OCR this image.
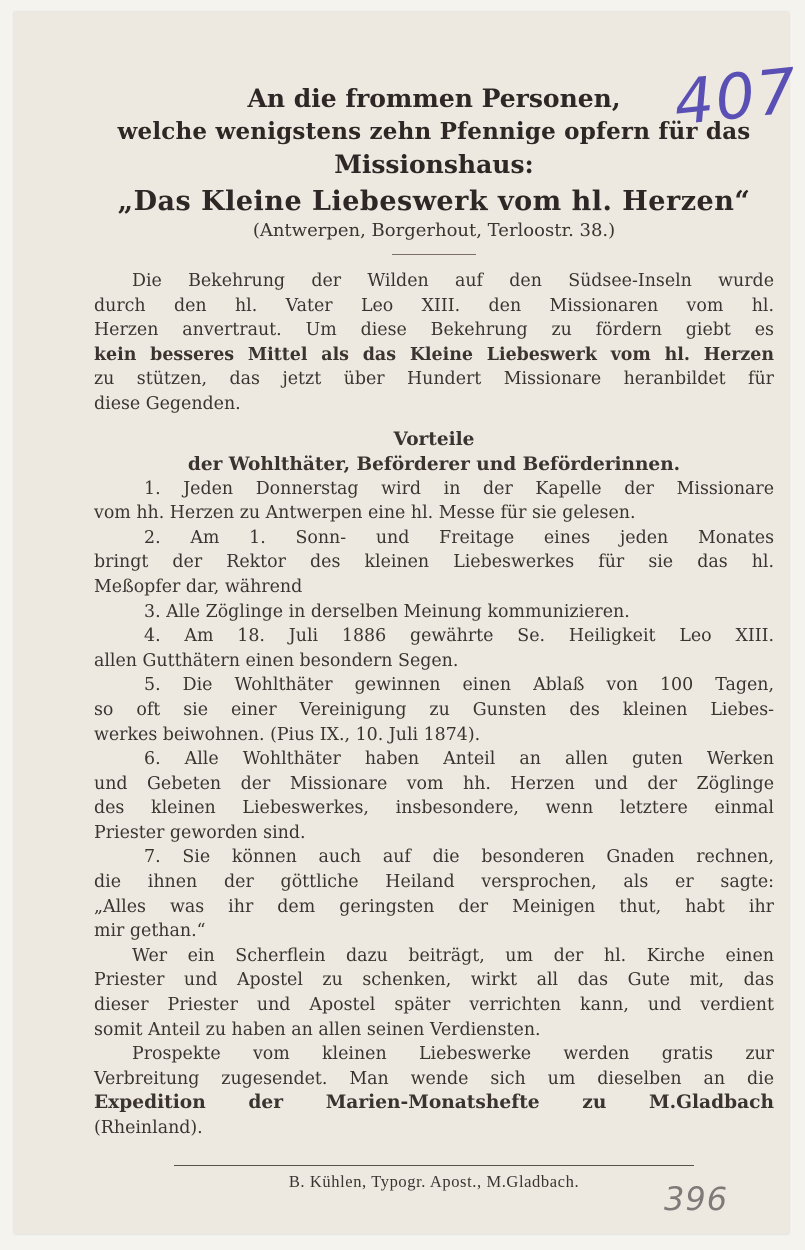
407
An die frommen Personen,
welche wenigstens zehn Pfennige opfern für das
Missionshaus:
„Das Kleine Liebeswerk vom hl. Herzen“
(Antwerpen, Borgerhout, Terloostr. 38.)
Die Bekehrung der Wilden auf den Südsee-Inseln wurde
durch den hl. Vater Leo XIII. den Missionaren vom hl.
Herzen anvertraut. Um diese Bekehrung zu fördern giebt es
kein besseres Mittel als das Kleine Liebeswerk vom hl. Herzen
zu stützen, das jetzt über Hundert Missionare heranbildet für
diese Gegenden.
Vorteile
der Wohlthäter, Beförderer und Beförderinnen.
1. Jeden Donnerstag wird in der Kapelle der Missionare
vom hh. Herzen zu Antwerpen eine hl. Messe für sie gelesen.
2. Am 1. Sonn- und Freitage eines jeden Monates
bringt der Rektor des kleinen Liebeswerkes für sie das hl.
Meßopfer dar, während
3. Alle Zöglinge in derselben Meinung kommunizieren.
4. Am 18. Juli 1886 gewährte Se. Heiligkeit Leo XIII.
allen Gutthätern einen besondern Segen.
5. Die Wohlthäter gewinnen einen Ablaß von 100 Tagen,
so oft sie einer Vereinigung zu Gunsten des kleinen Liebes-
werkes beiwohnen. (Pius IX., 10. Juli 1874).
6. Alle Wohlthäter haben Anteil an allen guten Werken
und Gebeten der Missionare vom hh. Herzen und der Zöglinge
des kleinen Liebeswerkes, insbesondere, wenn letztere einmal
Priester geworden sind.
7. Sie können auch auf die besonderen Gnaden rechnen,
die ihnen der göttliche Heiland versprochen, als er sagte:
„Alles was ihr dem geringsten der Meinigen thut, habt ihr
mir gethan.“
Wer ein Scherflein dazu beiträgt, um der hl. Kirche einen
Priester und Apostel zu schenken, wirkt all das Gute mit, das
dieser Priester und Apostel später verrichten kann, und verdient
somit Anteil zu haben an allen seinen Verdiensten.
Prospekte vom kleinen Liebeswerke werden gratis zur
Verbreitung zugesendet. Man wende sich um dieselben an die
Expedition der Marien-Monatshefte zu M.Gladbach
(Rheinland).
B. Kühlen, Typogr. Apost., M.Gladbach.	396
